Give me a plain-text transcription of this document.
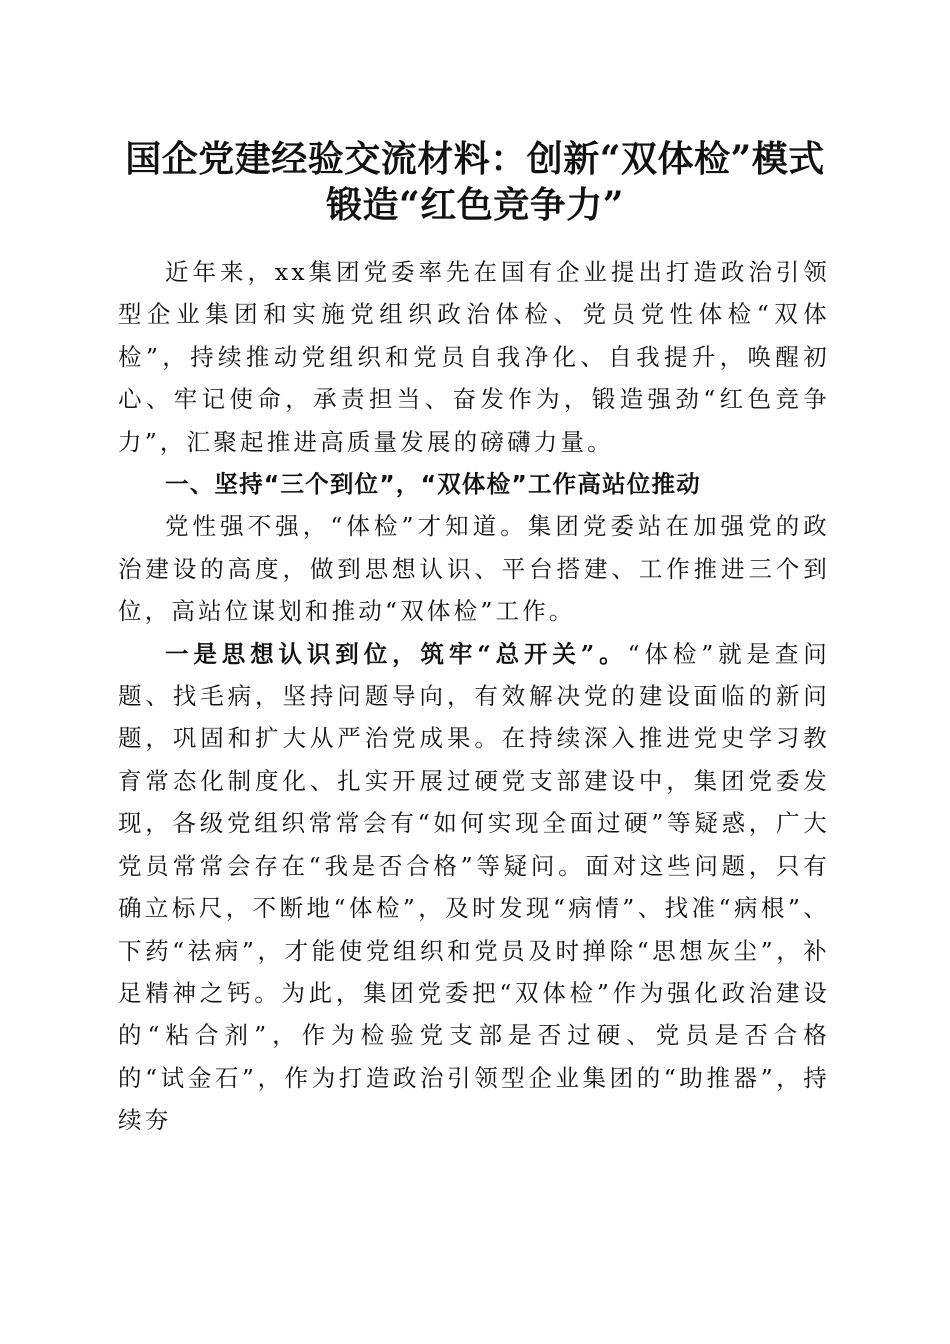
国企党建经验交流材料：创新“双体检”模式
锻造“红色竞争力”

近年来，xx集团党委率先在国有企业提出打造政治引领型企业集团和实施党组织政治体检、党员党性体检“双体检”，持续推动党组织和党员自我净化、自我提升，唤醒初心、牢记使命，承责担当、奋发作为，锻造强劲“红色竞争力”，汇聚起推进高质量发展的磅礴力量。

一、坚持“三个到位”，“双体检”工作高站位推动

党性强不强，“体检”才知道。集团党委站在加强党的政治建设的高度，做到思想认识、平台搭建、工作推进三个到位，高站位谋划和推动“双体检”工作。

一是思想认识到位，筑牢“总开关”。“体检”就是查问题、找毛病，坚持问题导向，有效解决党的建设面临的新问题，巩固和扩大从严治党成果。在持续深入推进党史学习教育常态化制度化、扎实开展过硬党支部建设中，集团党委发现，各级党组织常常会有“如何实现全面过硬”等疑惑，广大党员常常会存在“我是否合格”等疑问。面对这些问题，只有确立标尺，不断地“体检”，及时发现“病情”、找准“病根”、下药“祛病”，才能使党组织和党员及时掸除“思想灰尘”，补足精神之钙。为此，集团党委把“双体检”作为强化政治建设的“粘合剂”，作为检验党支部是否过硬、党员是否合格的“试金石”，作为打造政治引领型企业集团的“助推器”，持续夯
